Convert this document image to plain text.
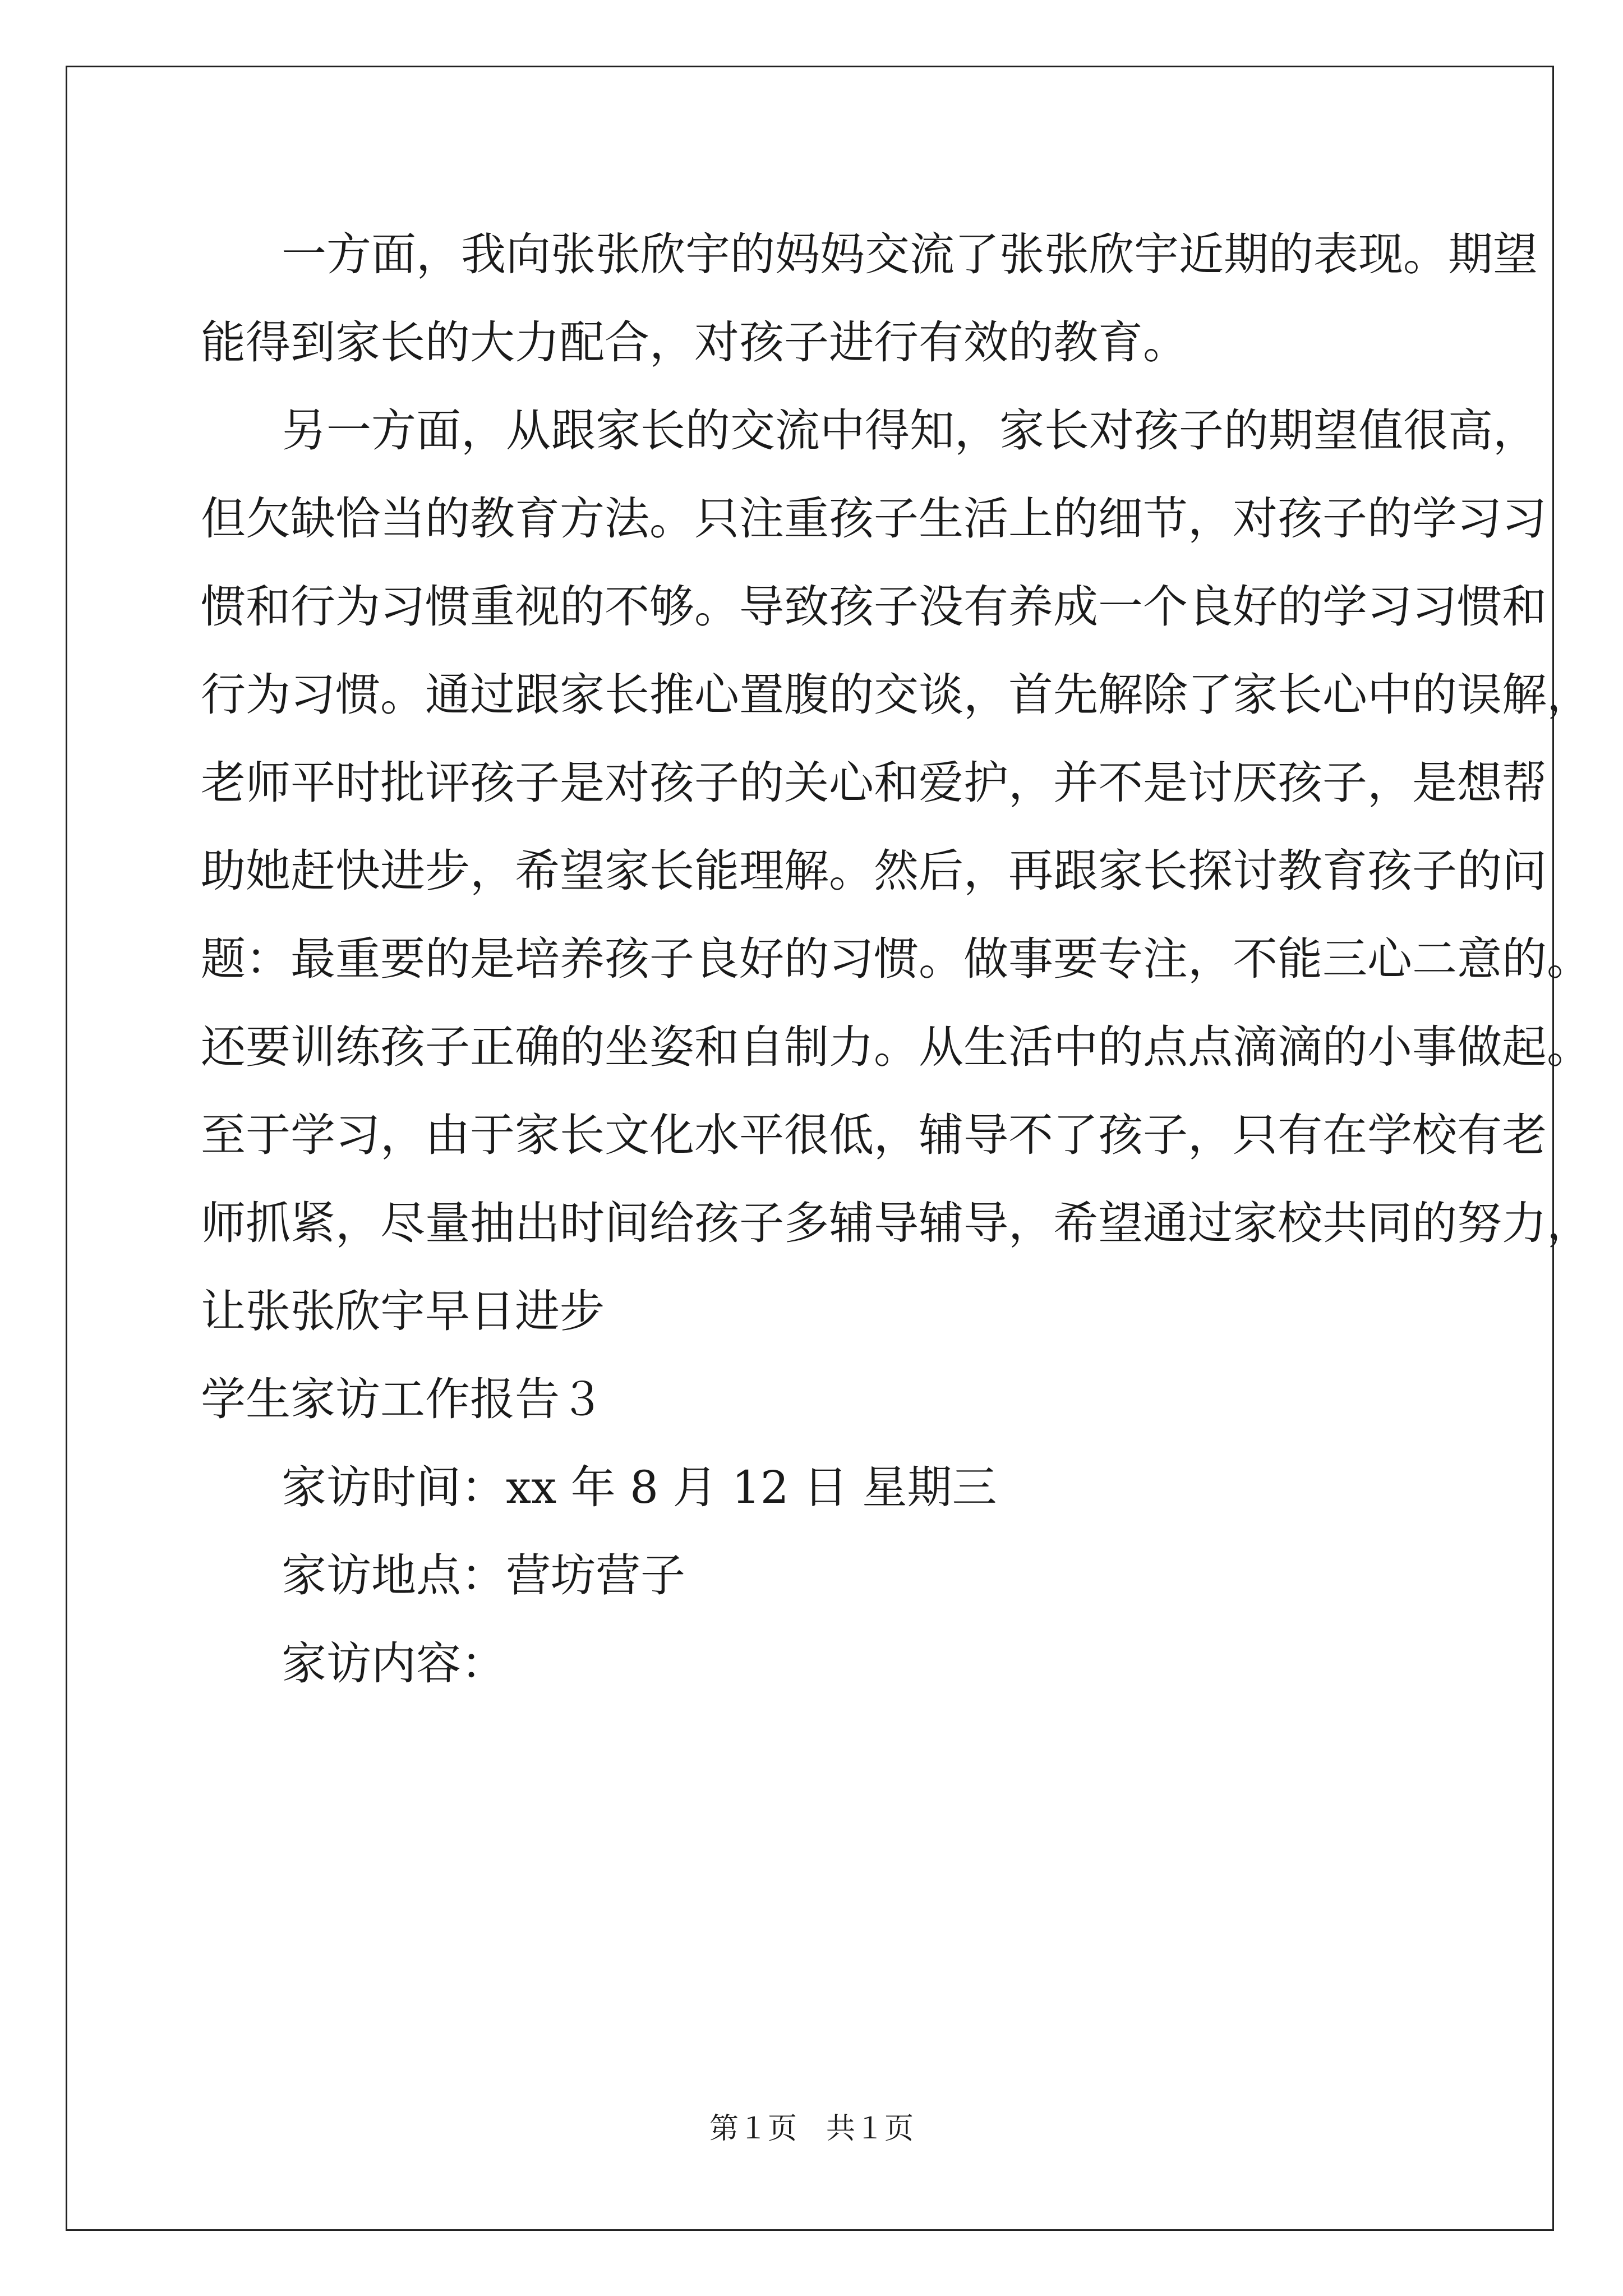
一方面，我向张张欣宇的妈妈交流了张张欣宇近期的表现。期望
能得到家长的大力配合，对孩子进行有效的教育。
另一方面，从跟家长的交流中得知，家长对孩子的期望值很高，
但欠缺恰当的教育方法。只注重孩子生活上的细节，对孩子的学习习
惯和行为习惯重视的不够。导致孩子没有养成一个良好的学习习惯和
行为习惯。通过跟家长推心置腹的交谈，首先解除了家长心中的误解，
老师平时批评孩子是对孩子的关心和爱护，并不是讨厌孩子，是想帮
助她赶快进步，希望家长能理解。然后，再跟家长探讨教育孩子的问
题：最重要的是培养孩子良好的习惯。做事要专注，不能三心二意的。
还要训练孩子正确的坐姿和自制力。从生活中的点点滴滴的小事做起。
至于学习，由于家长文化水平很低，辅导不了孩子，只有在学校有老
师抓紧，尽量抽出时间给孩子多辅导辅导，希望通过家校共同的努力，
让张张欣宇早日进步
学生家访工作报告３
家访时间：xx 年 8 月 12 日 星期三
家访地点：营坊营子
家访内容：
第１页　共１页
